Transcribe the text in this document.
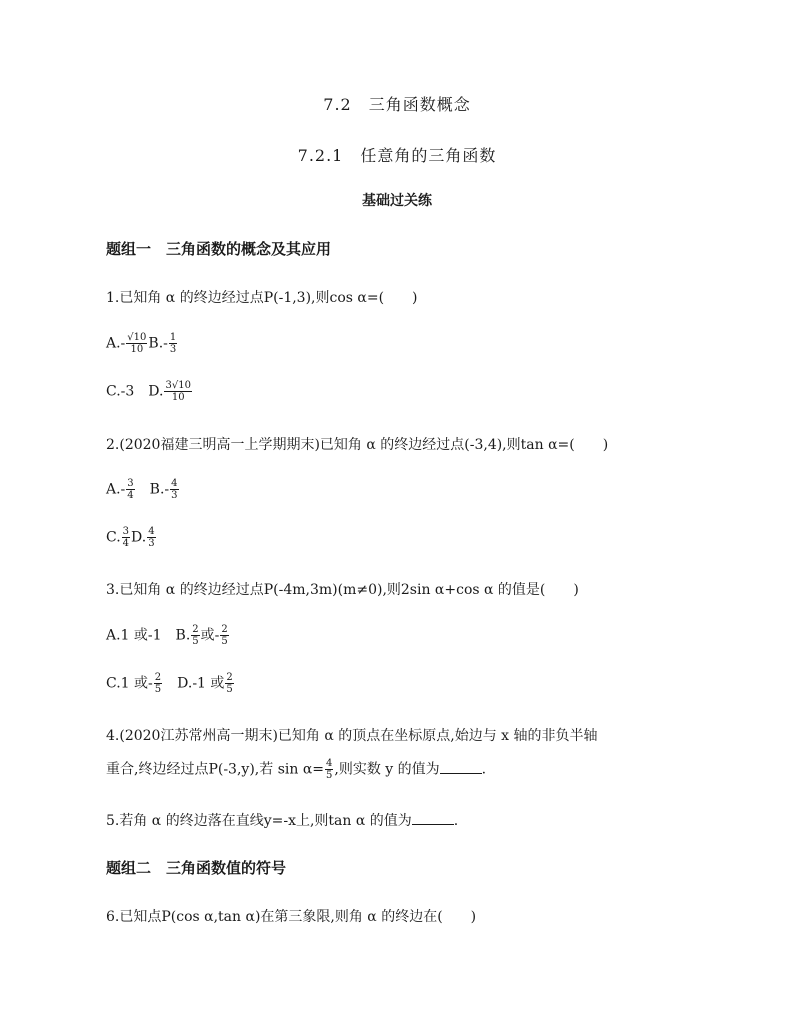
7.2　三角函数概念
7.2.1　任意角的三角函数
基础过关练
题组一　三角函数的概念及其应用
1.已知角 α 的终边经过点P(-1,3),则cos α=(　　)
$A.- \frac{√10}{10} B.- \frac{1}{3}$
C.-3　D. $\frac{3√10}{10}$
2.(2020福建三明高一上学期期末)已知角 α 的终边经过点(-3,4),则tan α=(　　)
$A.- \frac{3}{4}$ 　$B.- \frac{4}{3}$
C. $\frac{3}{4} D$. $\frac{4}{3}$
3.已知角 α 的终边经过点P(-4m,3m)(m≠0),则2sin α+cos α 的值是(　　)
A.1 或-1　B. $\frac{2}{5}$ 或- $\frac{2}{5}$
C.1 或- $\frac{2}{5}$ 　D.-1 或 $\frac{2}{5}$
4.(2020江苏常州高一期末)已知角 α 的顶点在坐标原点,始边与 x 轴的非负半轴
重合,终边经过点P(-3,y),若 $\sin \alpha= \frac{4}{5}$ ,则实数 y 的值为	.
5.若角 α 的终边落在直线y=-x上,则tan α 的值为	.
题组二　三角函数值的符号
6.已知点P(cos α,tan α)在第三象限,则角 α 的终边在(　　)
